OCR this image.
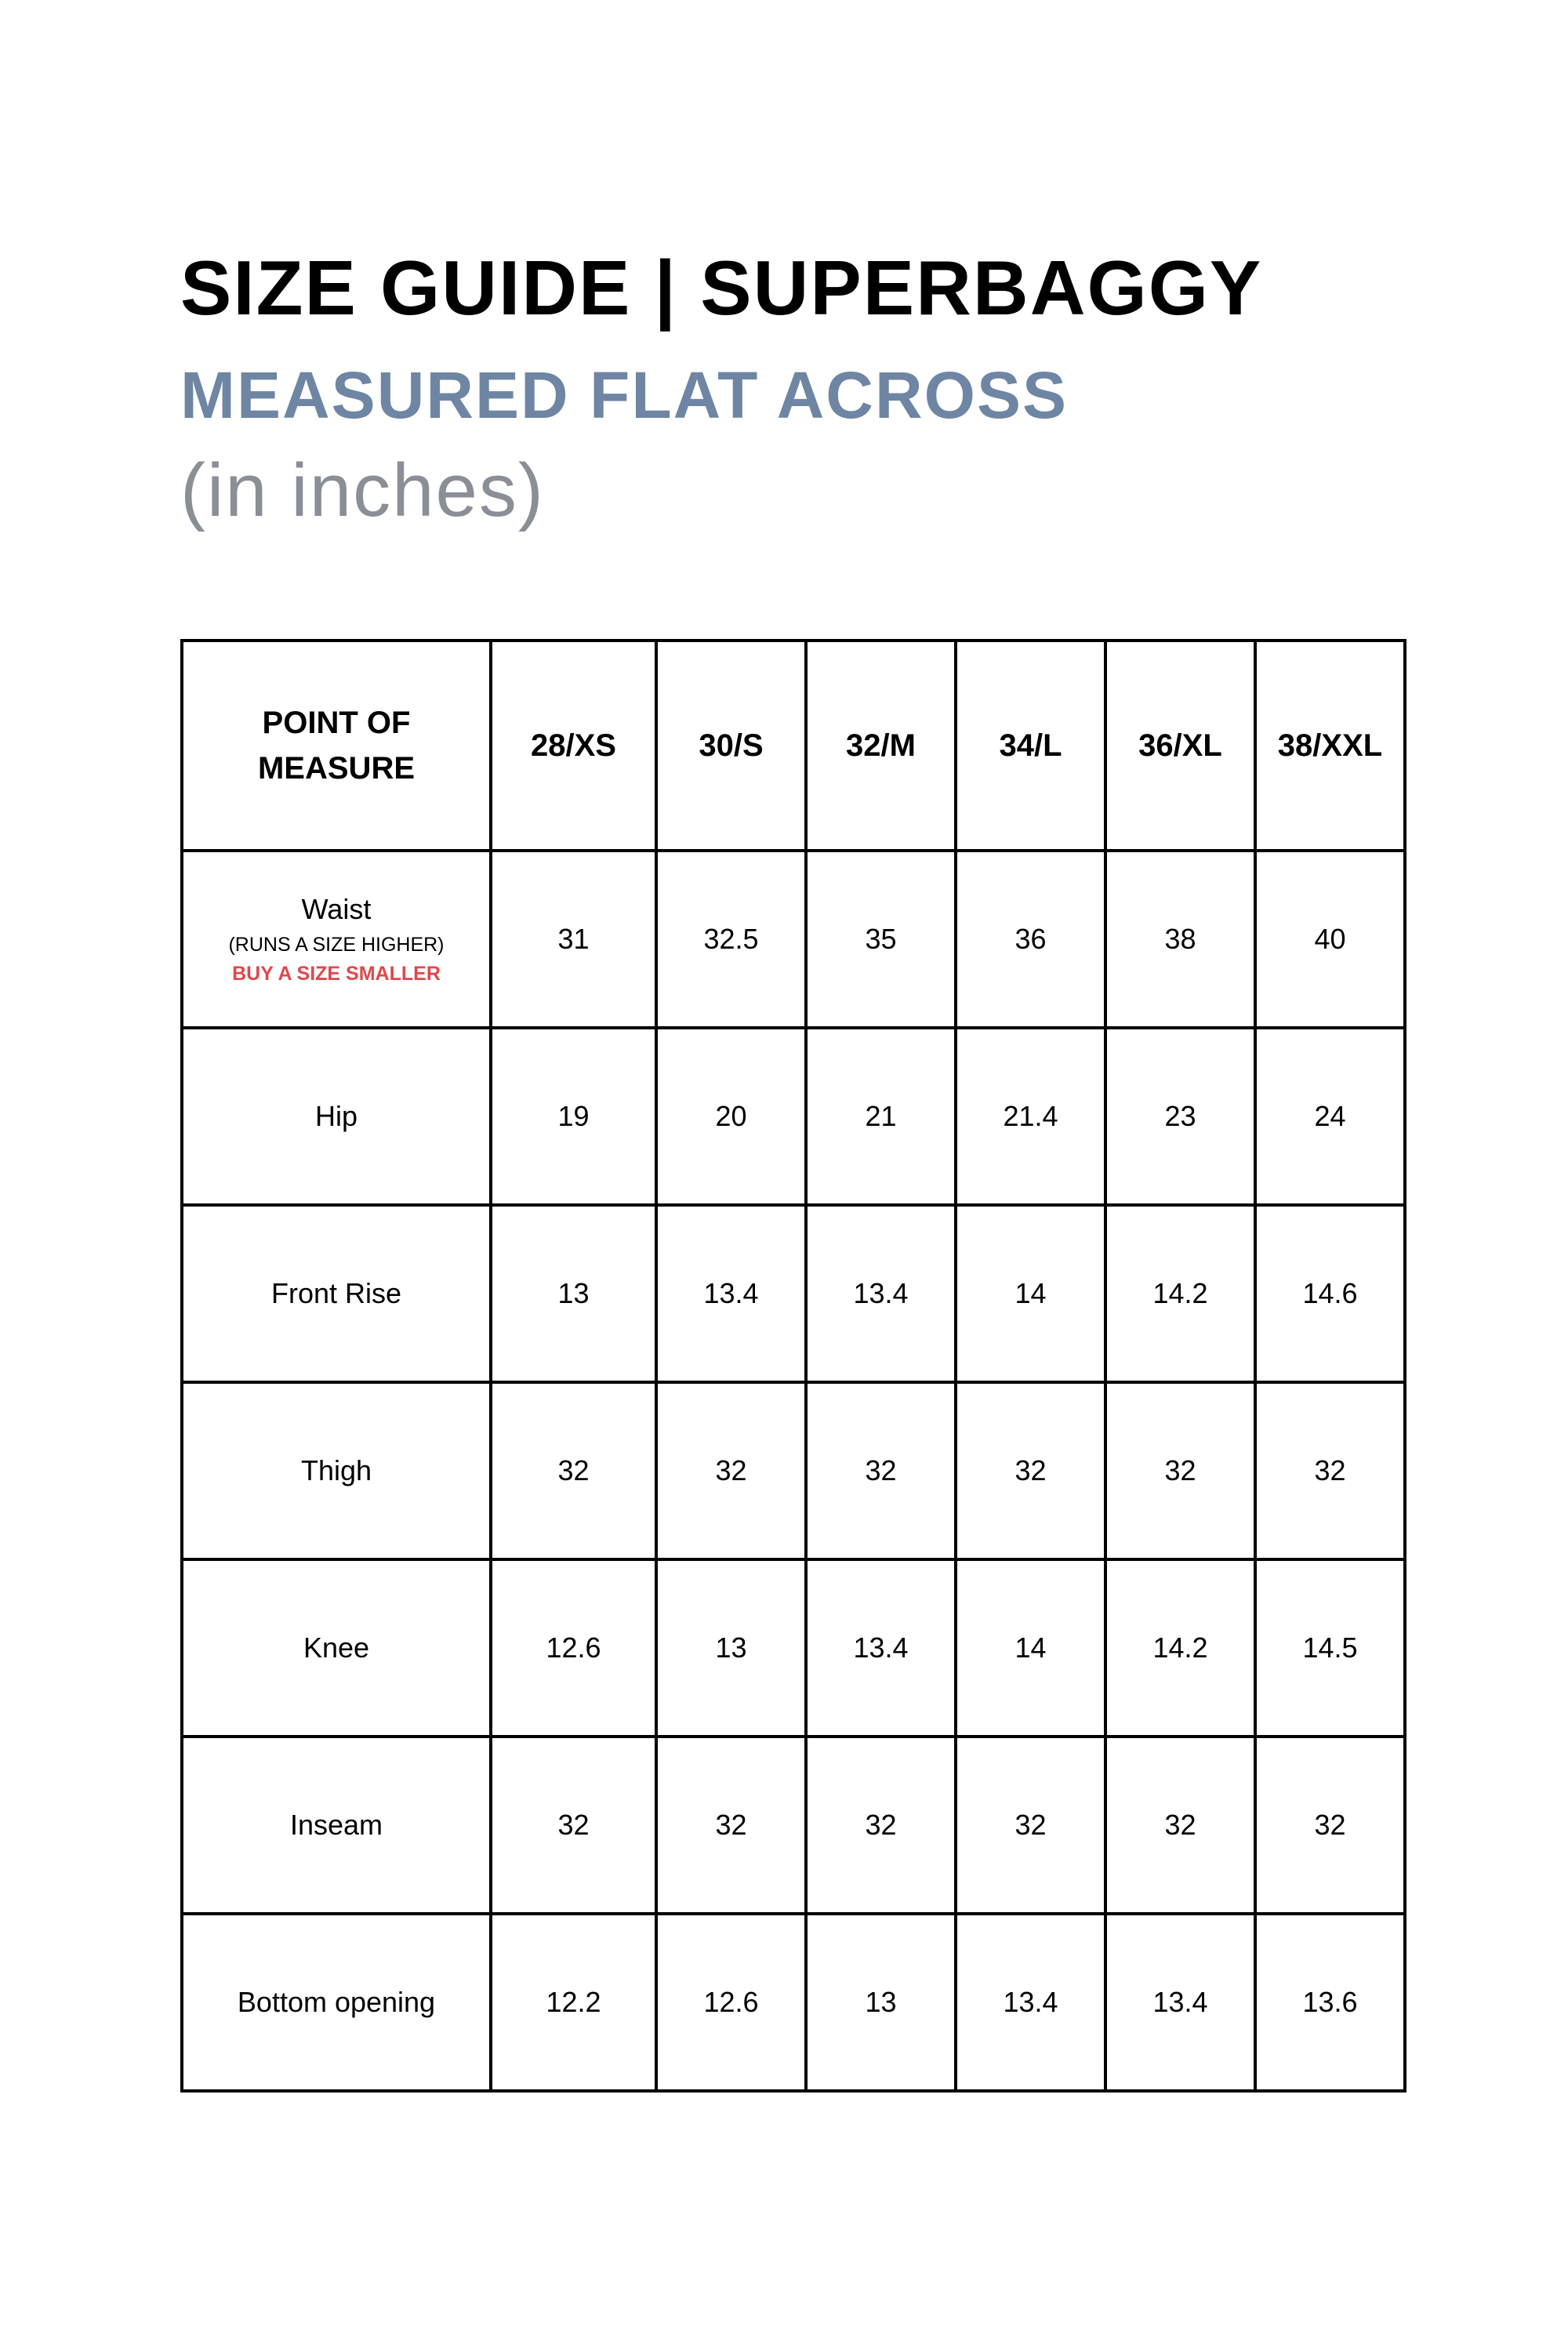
SIZE GUIDE | SUPERBAGGY
MEASURED FLAT ACROSS
(in inches)
POINT OF
MEASURE	28/XS	30/S	32/M	34/L	36/XL	38/XXL

Waist
(RUNS A SIZE HIGHER)
BUY A SIZE SMALLER	31	32.5	35	36	38	40
Hip	19	20	21	21.4	23	24
Front Rise	13	13.4	13.4	14	14.2	14.6
Thigh	32	32	32	32	32	32
Knee	12.6	13	13.4	14	14.2	14.5
Inseam	32	32	32	32	32	32
Bottom opening	12.2	12.6	13	13.4	13.4	13.6
